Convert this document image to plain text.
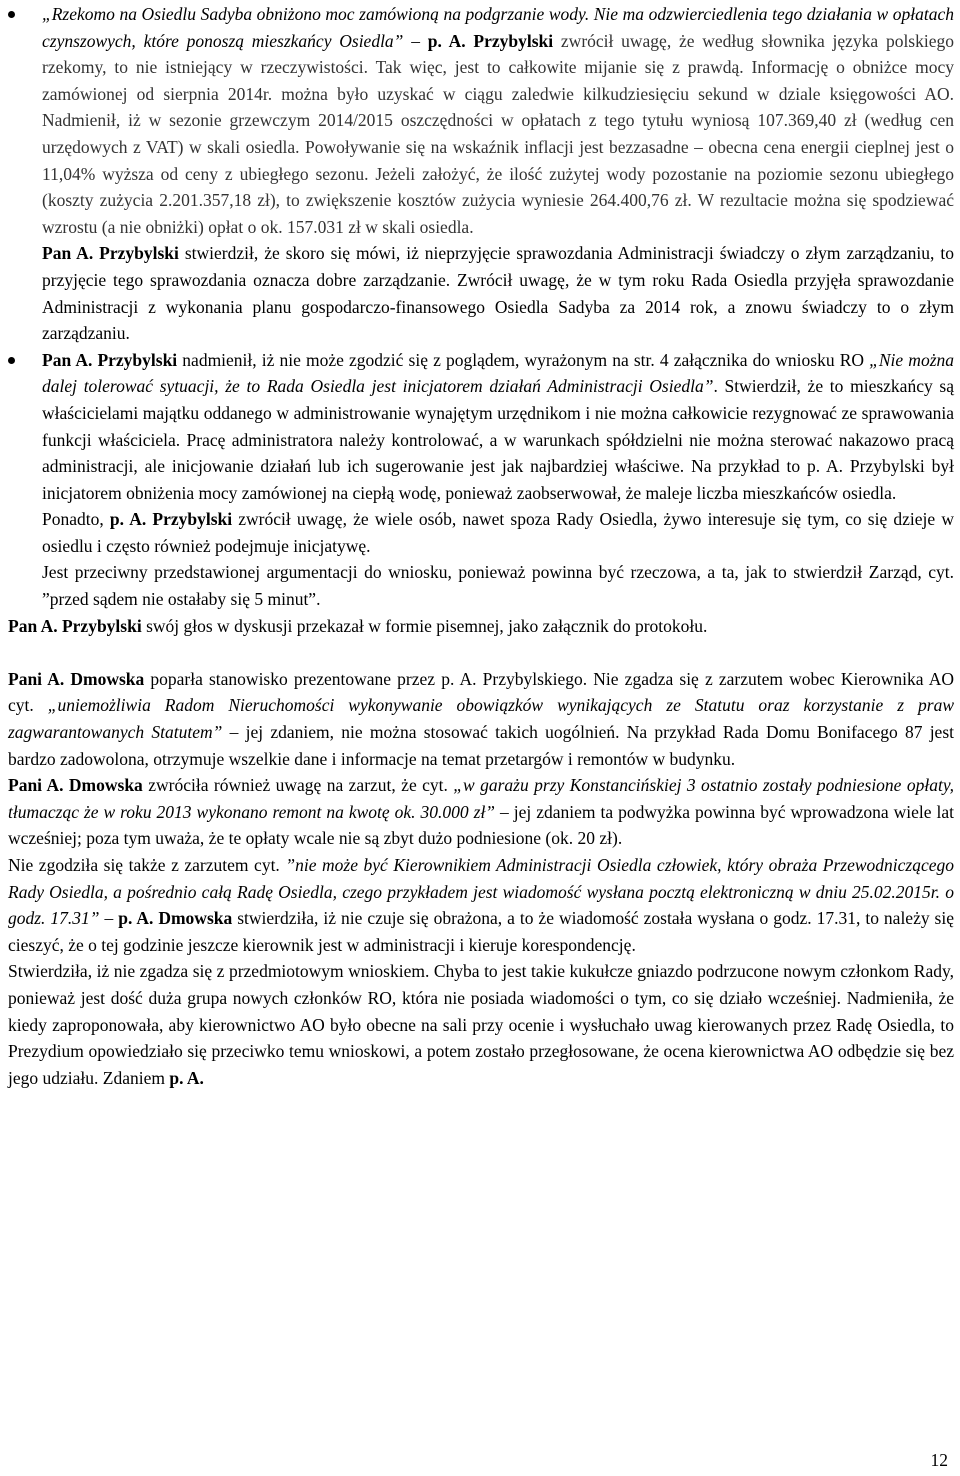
„Rzekomo na Osiedlu Sadyba obniżono moc zamówioną na podgrzanie wody. Nie ma odzwierciedlenia tego działania w opłatach czynszowych, które ponoszą mieszkańcy Osiedla” – p. A. Przybylski zwrócił uwagę, że według słownika języka polskiego rzekomy, to nie istniejący w rzeczywistości. Tak więc, jest to całkowite mijanie się z prawdą. Informację o obniżce mocy zamówionej od sierpnia 2014r. można było uzyskać w ciągu zaledwie kilkudziesięciu sekund w dziale księgowości AO. Nadmienił, iż w sezonie grzewczym 2014/2015 oszczędności w opłatach z tego tytułu wyniosą 107.369,40 zł (według cen urzędowych z VAT) w skali osiedla. Powoływanie się na wskaźnik inflacji jest bezzasadne – obecna cena energii cieplnej jest o 11,04% wyższa od ceny z ubiegłego sezonu. Jeżeli założyć, że ilość zużytej wody pozostanie na poziomie sezonu ubiegłego (koszty zużycia 2.201.357,18 zł), to zwiększenie kosztów zużycia wyniesie 264.400,76 zł. W rezultacie można się spodziewać wzrostu (a nie obniżki) opłat o ok. 157.031 zł w skali osiedla.

Pan A. Przybylski stwierdził, że skoro się mówi, iż nieprzyjęcie sprawozdania Administracji świadczy o złym zarządzaniu, to przyjęcie tego sprawozdania oznacza dobre zarządzanie. Zwrócił uwagę, że w tym roku Rada Osiedla przyjęła sprawozdanie Administracji z wykonania planu gospodarczo-finansowego Osiedla Sadyba za 2014 rok, a znowu świadczy to o złym zarządzaniu.

Pan A. Przybylski nadmienił, iż nie może zgodzić się z poglądem, wyrażonym na str. 4 załącznika do wniosku RO „Nie można dalej tolerować sytuacji, że to Rada Osiedla jest inicjatorem działań Administracji Osiedla”. Stwierdził, że to mieszkańcy są właścicielami majątku oddanego w administrowanie wynajętym urzędnikom i nie można całkowicie rezygnować ze sprawowania funkcji właściciela. Pracę administratora należy kontrolować, a w warunkach spółdzielni nie można sterować nakazowo pracą administracji, ale inicjowanie działań lub ich sugerowanie jest jak najbardziej właściwe. Na przykład to p. A. Przybylski był inicjatorem obniżenia mocy zamówionej na ciepłą wodę, ponieważ zaobserwował, że maleje liczba mieszkańców osiedla.

Ponadto, p. A. Przybylski zwrócił uwagę, że wiele osób, nawet spoza Rady Osiedla, żywo interesuje się tym, co się dzieje w osiedlu i często również podejmuje inicjatywę.

Jest przeciwny przedstawionej argumentacji do wniosku, ponieważ powinna być rzeczowa, a ta, jak to stwierdził Zarząd, cyt. ”przed sądem nie ostałaby się 5 minut”.

Pan A. Przybylski swój głos w dyskusji przekazał w formie pisemnej, jako załącznik do protokołu.

Pani A. Dmowska poparła stanowisko prezentowane przez p. A. Przybylskiego. Nie zgadza się z zarzutem wobec Kierownika AO cyt. „uniemożliwia Radom Nieruchomości wykonywanie obowiązków wynikających ze Statutu oraz korzystanie z praw zagwarantowanych Statutem” – jej zdaniem, nie można stosować takich uogólnień. Na przykład Rada Domu Bonifacego 87 jest bardzo zadowolona, otrzymuje wszelkie dane i informacje na temat przetargów i remontów w budynku.

Pani A. Dmowska zwróciła również uwagę na zarzut, że cyt. „w garażu przy Konstancińskiej 3 ostatnio zostały podniesione opłaty, tłumacząc że w roku 2013 wykonano remont na kwotę ok. 30.000 zł” – jej zdaniem ta podwyżka powinna być wprowadzona wiele lat wcześniej; poza tym uważa, że te opłaty wcale nie są zbyt dużo podniesione (ok. 20 zł).

Nie zgodziła się także z zarzutem cyt. ”nie może być Kierownikiem Administracji Osiedla człowiek, który obraża Przewodniczącego Rady Osiedla, a pośrednio całą Radę Osiedla, czego przykładem jest wiadomość wysłana pocztą elektroniczną w dniu 25.02.2015r. o godz. 17.31” – p. A. Dmowska stwierdziła, iż nie czuje się obrażona, a to że wiadomość została wysłana o godz. 17.31, to należy się cieszyć, że o tej godzinie jeszcze kierownik jest w administracji i kieruje korespondencję.

Stwierdziła, iż nie zgadza się z przedmiotowym wnioskiem. Chyba to jest takie kukułcze gniazdo podrzucone nowym członkom Rady, ponieważ jest dość duża grupa nowych członków RO, która nie posiada wiadomości o tym, co się działo wcześniej. Nadmieniła, że kiedy zaproponowała, aby kierownictwo AO było obecne na sali przy ocenie i wysłuchało uwag kierowanych przez Radę Osiedla, to Prezydium opowiedziało się przeciwko temu wnioskowi, a potem zostało przegłosowane, że ocena kierownictwa AO odbędzie się bez jego udziału. Zdaniem p. A.

12
